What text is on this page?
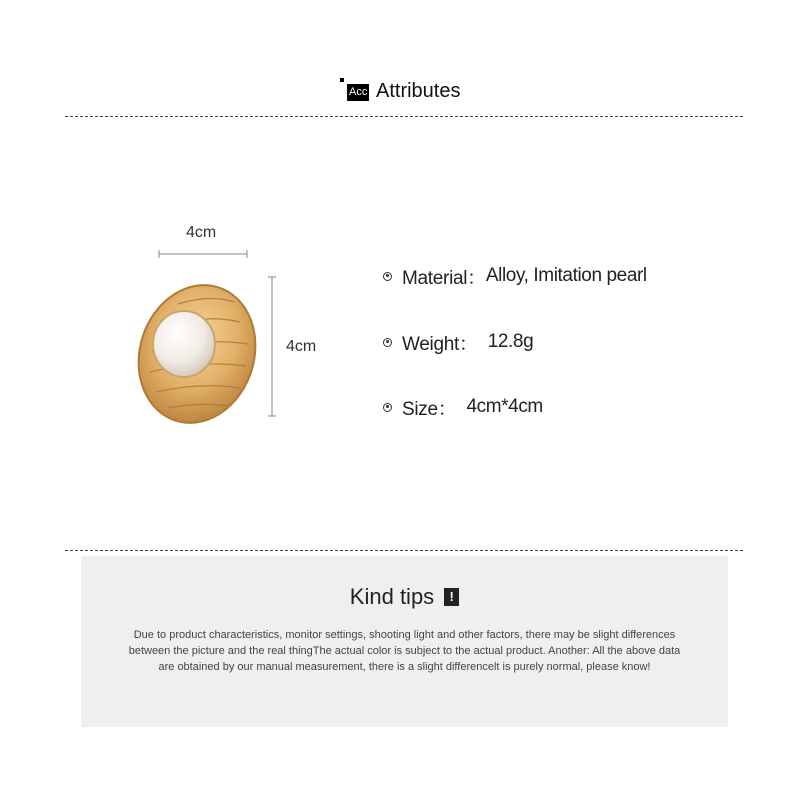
Acc Attributes
4cm
4cm
Material： Alloy, Imitation pearl
Weight： 12.8g
Size： 4cm*4cm
Kind tips !
Due to product characteristics, monitor settings, shooting light and other factors, there may be slight differences between the picture and the real thingThe actual color is subject to the actual product. Another: All the above data are obtained by our manual measurement, there is a slight differencelt is purely normal, please know!
